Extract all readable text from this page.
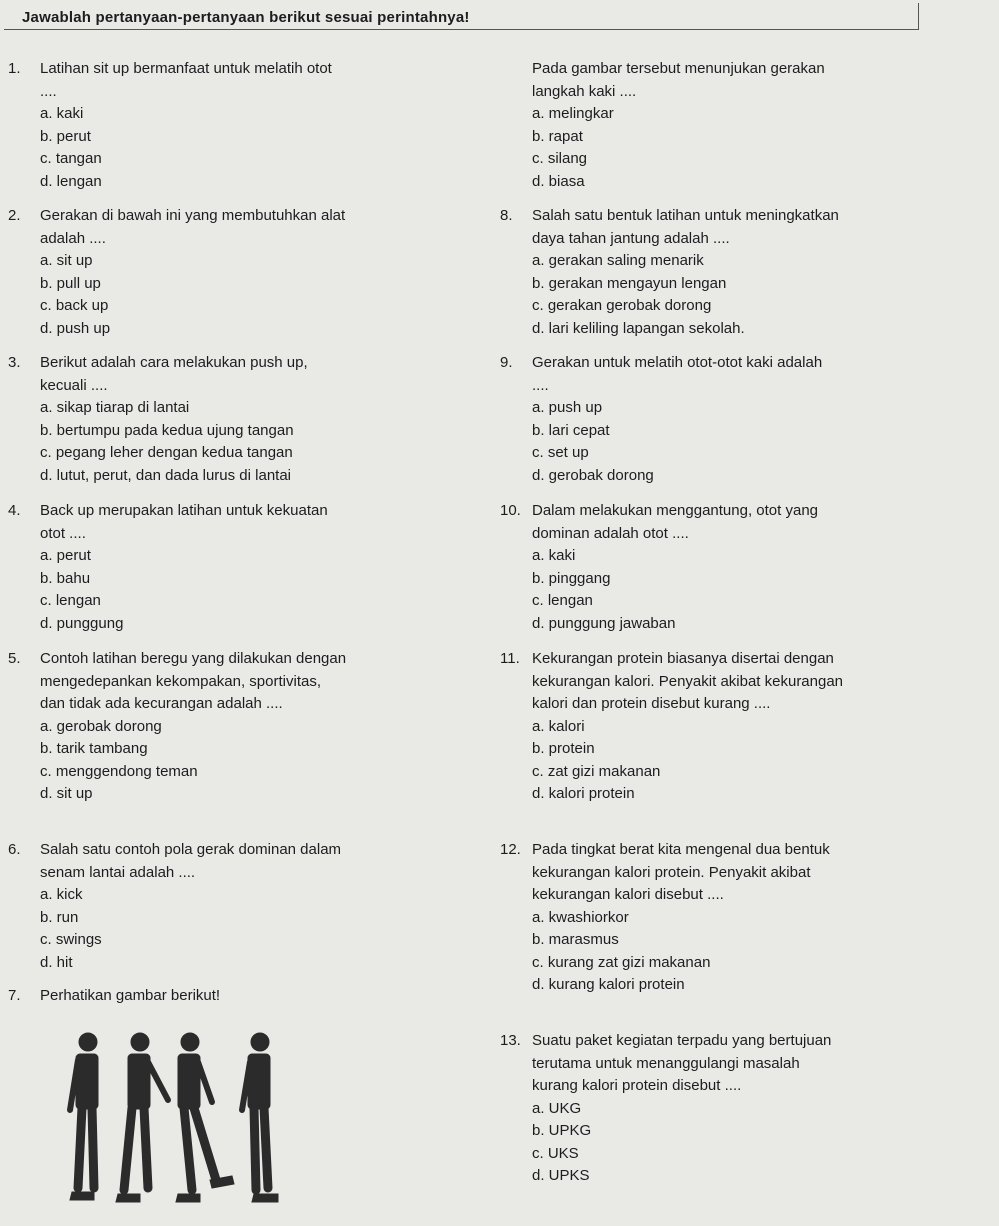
Jawablah pertanyaan-pertanyaan berikut sesuai perintahnya!
1. Latihan sit up bermanfaat untuk melatih otot
....
a. kaki
b. perut
c. tangan
d. lengan
2. Gerakan di bawah ini yang membutuhkan alat
adalah ....
a. sit up
b. pull up
c. back up
d. push up
3. Berikut adalah cara melakukan push up,
kecuali ....
a. sikap tiarap di lantai
b. bertumpu pada kedua ujung tangan
c. pegang leher dengan kedua tangan
d. lutut, perut, dan dada lurus di lantai
4. Back up merupakan latihan untuk kekuatan
otot ....
a. perut
b. bahu
c. lengan
d. punggung
5. Contoh latihan beregu yang dilakukan dengan
mengedepankan kekompakan, sportivitas,
dan tidak ada kecurangan adalah ....
a. gerobak dorong
b. tarik tambang
c. menggendong teman
d. sit up
6. Salah satu contoh pola gerak dominan dalam
senam lantai adalah ....
a. kick
b. run
c. swings
d. hit
7. Perhatikan gambar berikut!
Pada gambar tersebut menunjukan gerakan
langkah kaki ....
a. melingkar
b. rapat
c. silang
d. biasa
8. Salah satu bentuk latihan untuk meningkatkan
daya tahan jantung adalah ....
a. gerakan saling menarik
b. gerakan mengayun lengan
c. gerakan gerobak dorong
d. lari keliling lapangan sekolah.
9. Gerakan untuk melatih otot-otot kaki adalah
....
a. push up
b. lari cepat
c. set up
d. gerobak dorong
10. Dalam melakukan menggantung, otot yang
dominan adalah otot ....
a. kaki
b. pinggang
c. lengan
d. punggung jawaban
11. Kekurangan protein biasanya disertai dengan
kekurangan kalori. Penyakit akibat kekurangan
kalori dan protein disebut kurang ....
a. kalori
b. protein
c. zat gizi makanan
d. kalori protein
12. Pada tingkat berat kita mengenal dua bentuk
kekurangan kalori protein. Penyakit akibat
kekurangan kalori disebut ....
a. kwashiorkor
b. marasmus
c. kurang zat gizi makanan
d. kurang kalori protein
13. Suatu paket kegiatan terpadu yang bertujuan
terutama untuk menanggulangi masalah
kurang kalori protein disebut ....
a. UKG
b. UPKG
c. UKS
d. UPKS
